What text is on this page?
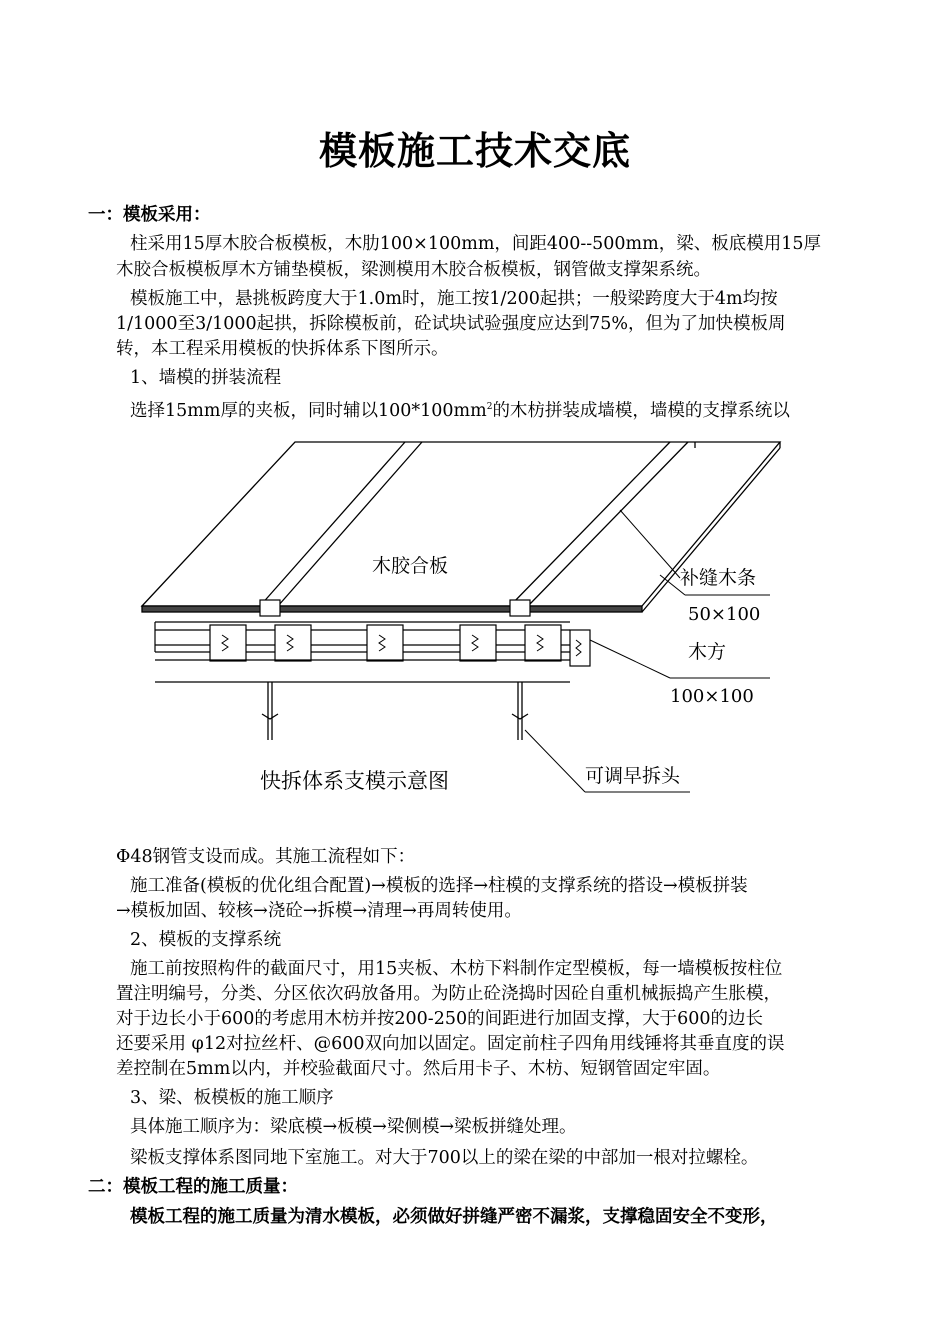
模板施工技术交底
一：模板采用：
柱采用15厚木胶合板模板，木肋100×100mm，间距400--500mm，梁、板底模用15厚
木胶合板模板厚木方铺垫模板，梁测模用木胶合板模板，钢管做支撑架系统。
模板施工中，悬挑板跨度大于1.0m时，施工按1/200起拱；一般梁跨度大于4m均按
1/1000至3/1000起拱，拆除模板前，砼试块试验强度应达到75%，但为了加快模板周
转，本工程采用模板的快拆体系下图所示。
1、墙模的拼装流程
选择15mm厚的夹板，同时辅以$100*100mm^2$的木枋拼装成墙模，墙模的支撑系统以
木胶合板
补缝木条
50×100
木方
100×100
可调早拆头
快拆体系支模示意图
Φ48钢管支设而成。其施工流程如下：
施工准备(模板的优化组合配置)→模板的选择→柱模的支撑系统的搭设→模板拼装
→模板加固、较核→浇砼→拆模→清理→再周转使用。
2、模板的支撑系统
施工前按照构件的截面尺寸，用15夹板、木枋下料制作定型模板，每一墙模板按柱位
置注明编号，分类、分区依次码放备用。为防止砼浇捣时因砼自重机械振捣产生胀模，
对于边长小于600的考虑用木枋并按200-250的间距进行加固支撑，大于600的边长
还要采用 φ12对拉丝杆、@600双向加以固定。固定前柱子四角用线锤将其垂直度的误
差控制在5mm以内，并校验截面尺寸。然后用卡子、木枋、短钢管固定牢固。
3、梁、板模板的施工顺序
具体施工顺序为：梁底模→板模→梁侧模→梁板拼缝处理。
梁板支撑体系图同地下室施工。对大于700以上的梁在梁的中部加一根对拉螺栓。
二：模板工程的施工质量：
模板工程的施工质量为清水模板，必须做好拼缝严密不漏浆，支撑稳固安全不变形，
